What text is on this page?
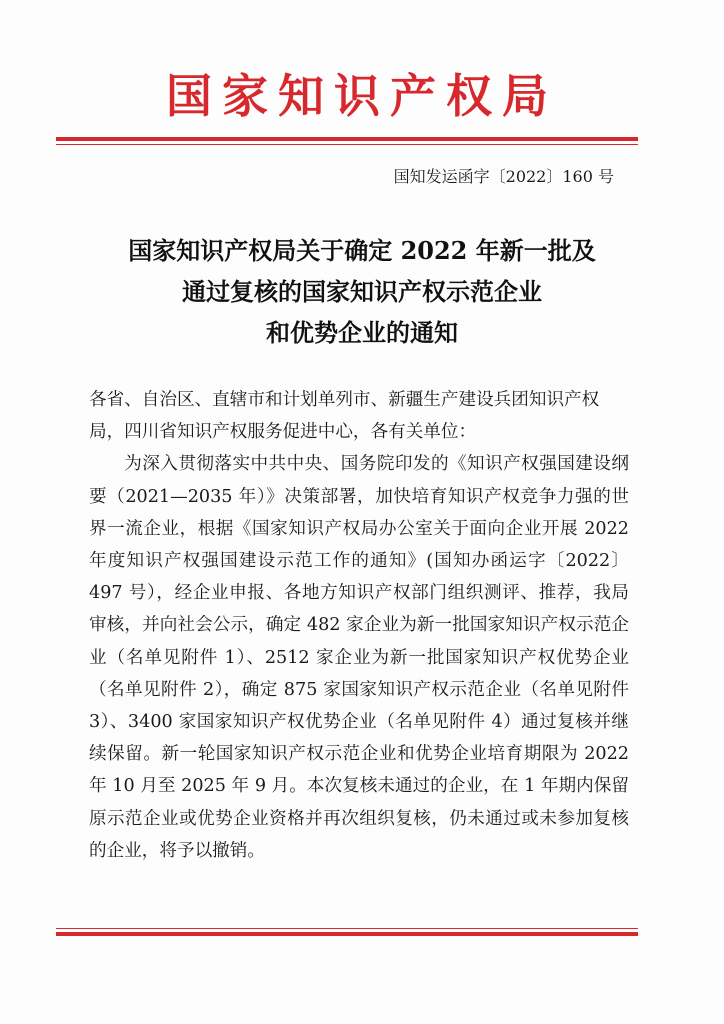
国家知识产权局
国知发运函字〔2022〕160 号
国家知识产权局关于确定 2022 年新一批及
通过复核的国家知识产权示范企业
和优势企业的通知

各省、自治区、直辖市和计划单列市、新疆生产建设兵团知识产权局，四川省知识产权服务促进中心，各有关单位：

为深入贯彻落实中共中央、国务院印发的《知识产权强国建设纲要（2021—2035 年）》决策部署，加快培育知识产权竞争力强的世界一流企业，根据《国家知识产权局办公室关于面向企业开展 2022 年度知识产权强国建设示范工作的通知》(国知办函运字〔2022〕497 号），经企业申报、各地方知识产权部门组织测评、推荐，我局审核，并向社会公示，确定 482 家企业为新一批国家知识产权示范企业（名单见附件 1）、2512 家企业为新一批国家知识产权优势企业（名单见附件 2），确定 875 家国家知识产权示范企业（名单见附件 3）、3400 家国家知识产权优势企业（名单见附件 4）通过复核并继续保留。新一轮国家知识产权示范企业和优势企业培育期限为 2022 年 10 月至 2025 年 9 月。本次复核未通过的企业，在 1 年期内保留原示范企业或优势企业资格并再次组织复核，仍未通过或未参加复核的企业，将予以撤销。
